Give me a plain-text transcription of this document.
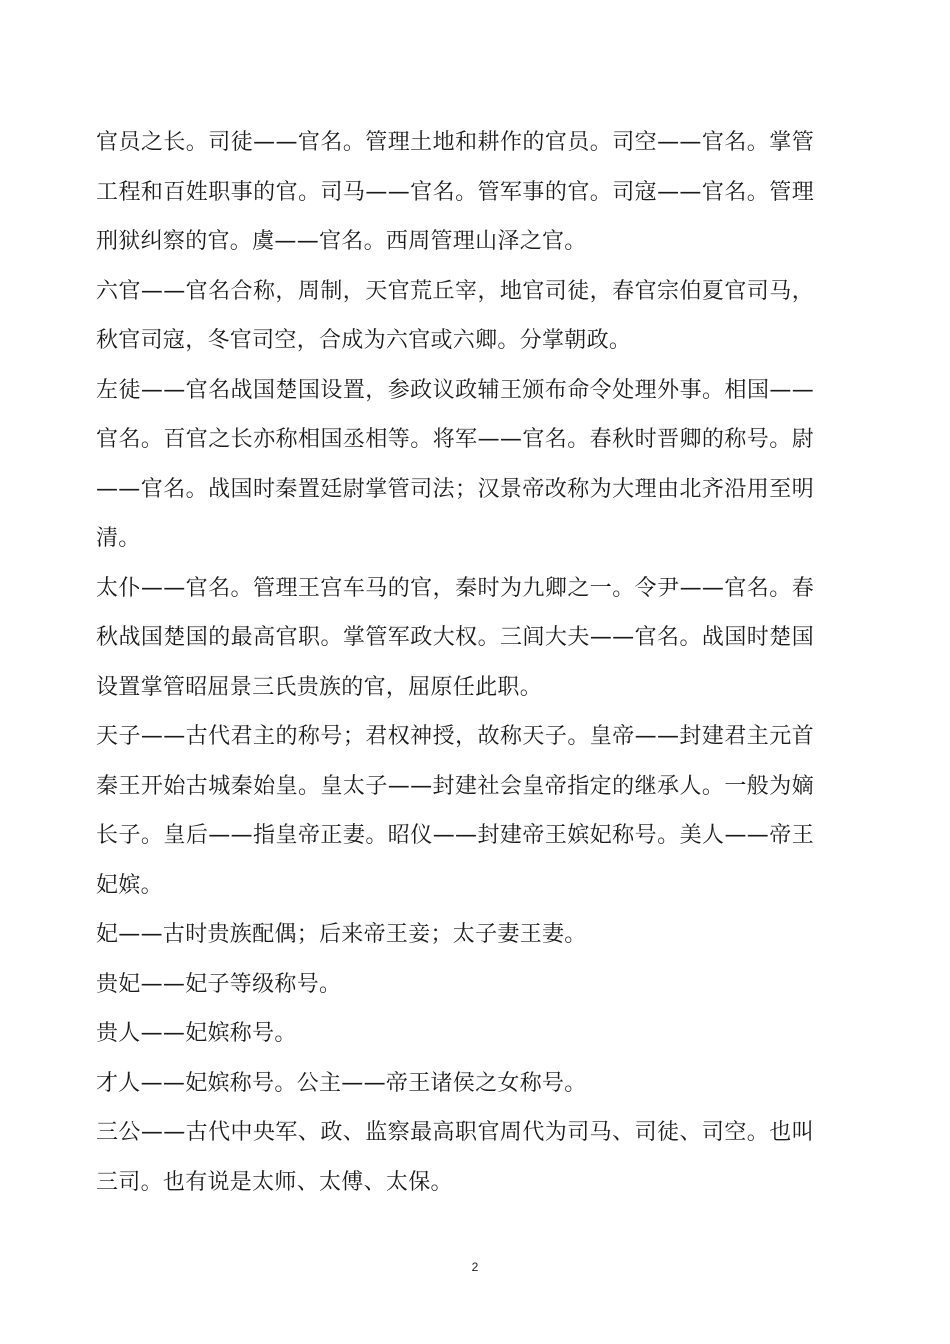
官员之长。司徒——官名。管理土地和耕作的官员。司空——官名。掌管工程和百姓职事的官。司马——官名。管军事的官。司寇——官名。管理刑狱纠察的官。虞——官名。西周管理山泽之官。

六官——官名合称，周制，天官荒丘宰，地官司徒，春官宗伯夏官司马，秋官司寇，冬官司空，合成为六官或六卿。分掌朝政。

左徒——官名战国楚国设置，参政议政辅王颁布命令处理外事。相国——官名。百官之长亦称相国丞相等。将军——官名。春秋时晋卿的称号。尉——官名。战国时秦置廷尉掌管司法；汉景帝改称为大理由北齐沿用至明清。

太仆——官名。管理王宫车马的官，秦时为九卿之一。令尹——官名。春秋战国楚国的最高官职。掌管军政大权。三闾大夫——官名。战国时楚国设置掌管昭屈景三氏贵族的官，屈原任此职。

天子——古代君主的称号；君权神授，故称天子。皇帝——封建君主元首秦王开始古城秦始皇。皇太子——封建社会皇帝指定的继承人。一般为嫡长子。皇后——指皇帝正妻。昭仪——封建帝王嫔妃称号。美人——帝王妃嫔。

妃——古时贵族配偶；后来帝王妾；太子妻王妻。

贵妃——妃子等级称号。

贵人——妃嫔称号。

才人——妃嫔称号。公主——帝王诸侯之女称号。

三公——古代中央军、政、监察最高职官周代为司马、司徒、司空。也叫三司。也有说是太师、太傅、太保。

2
